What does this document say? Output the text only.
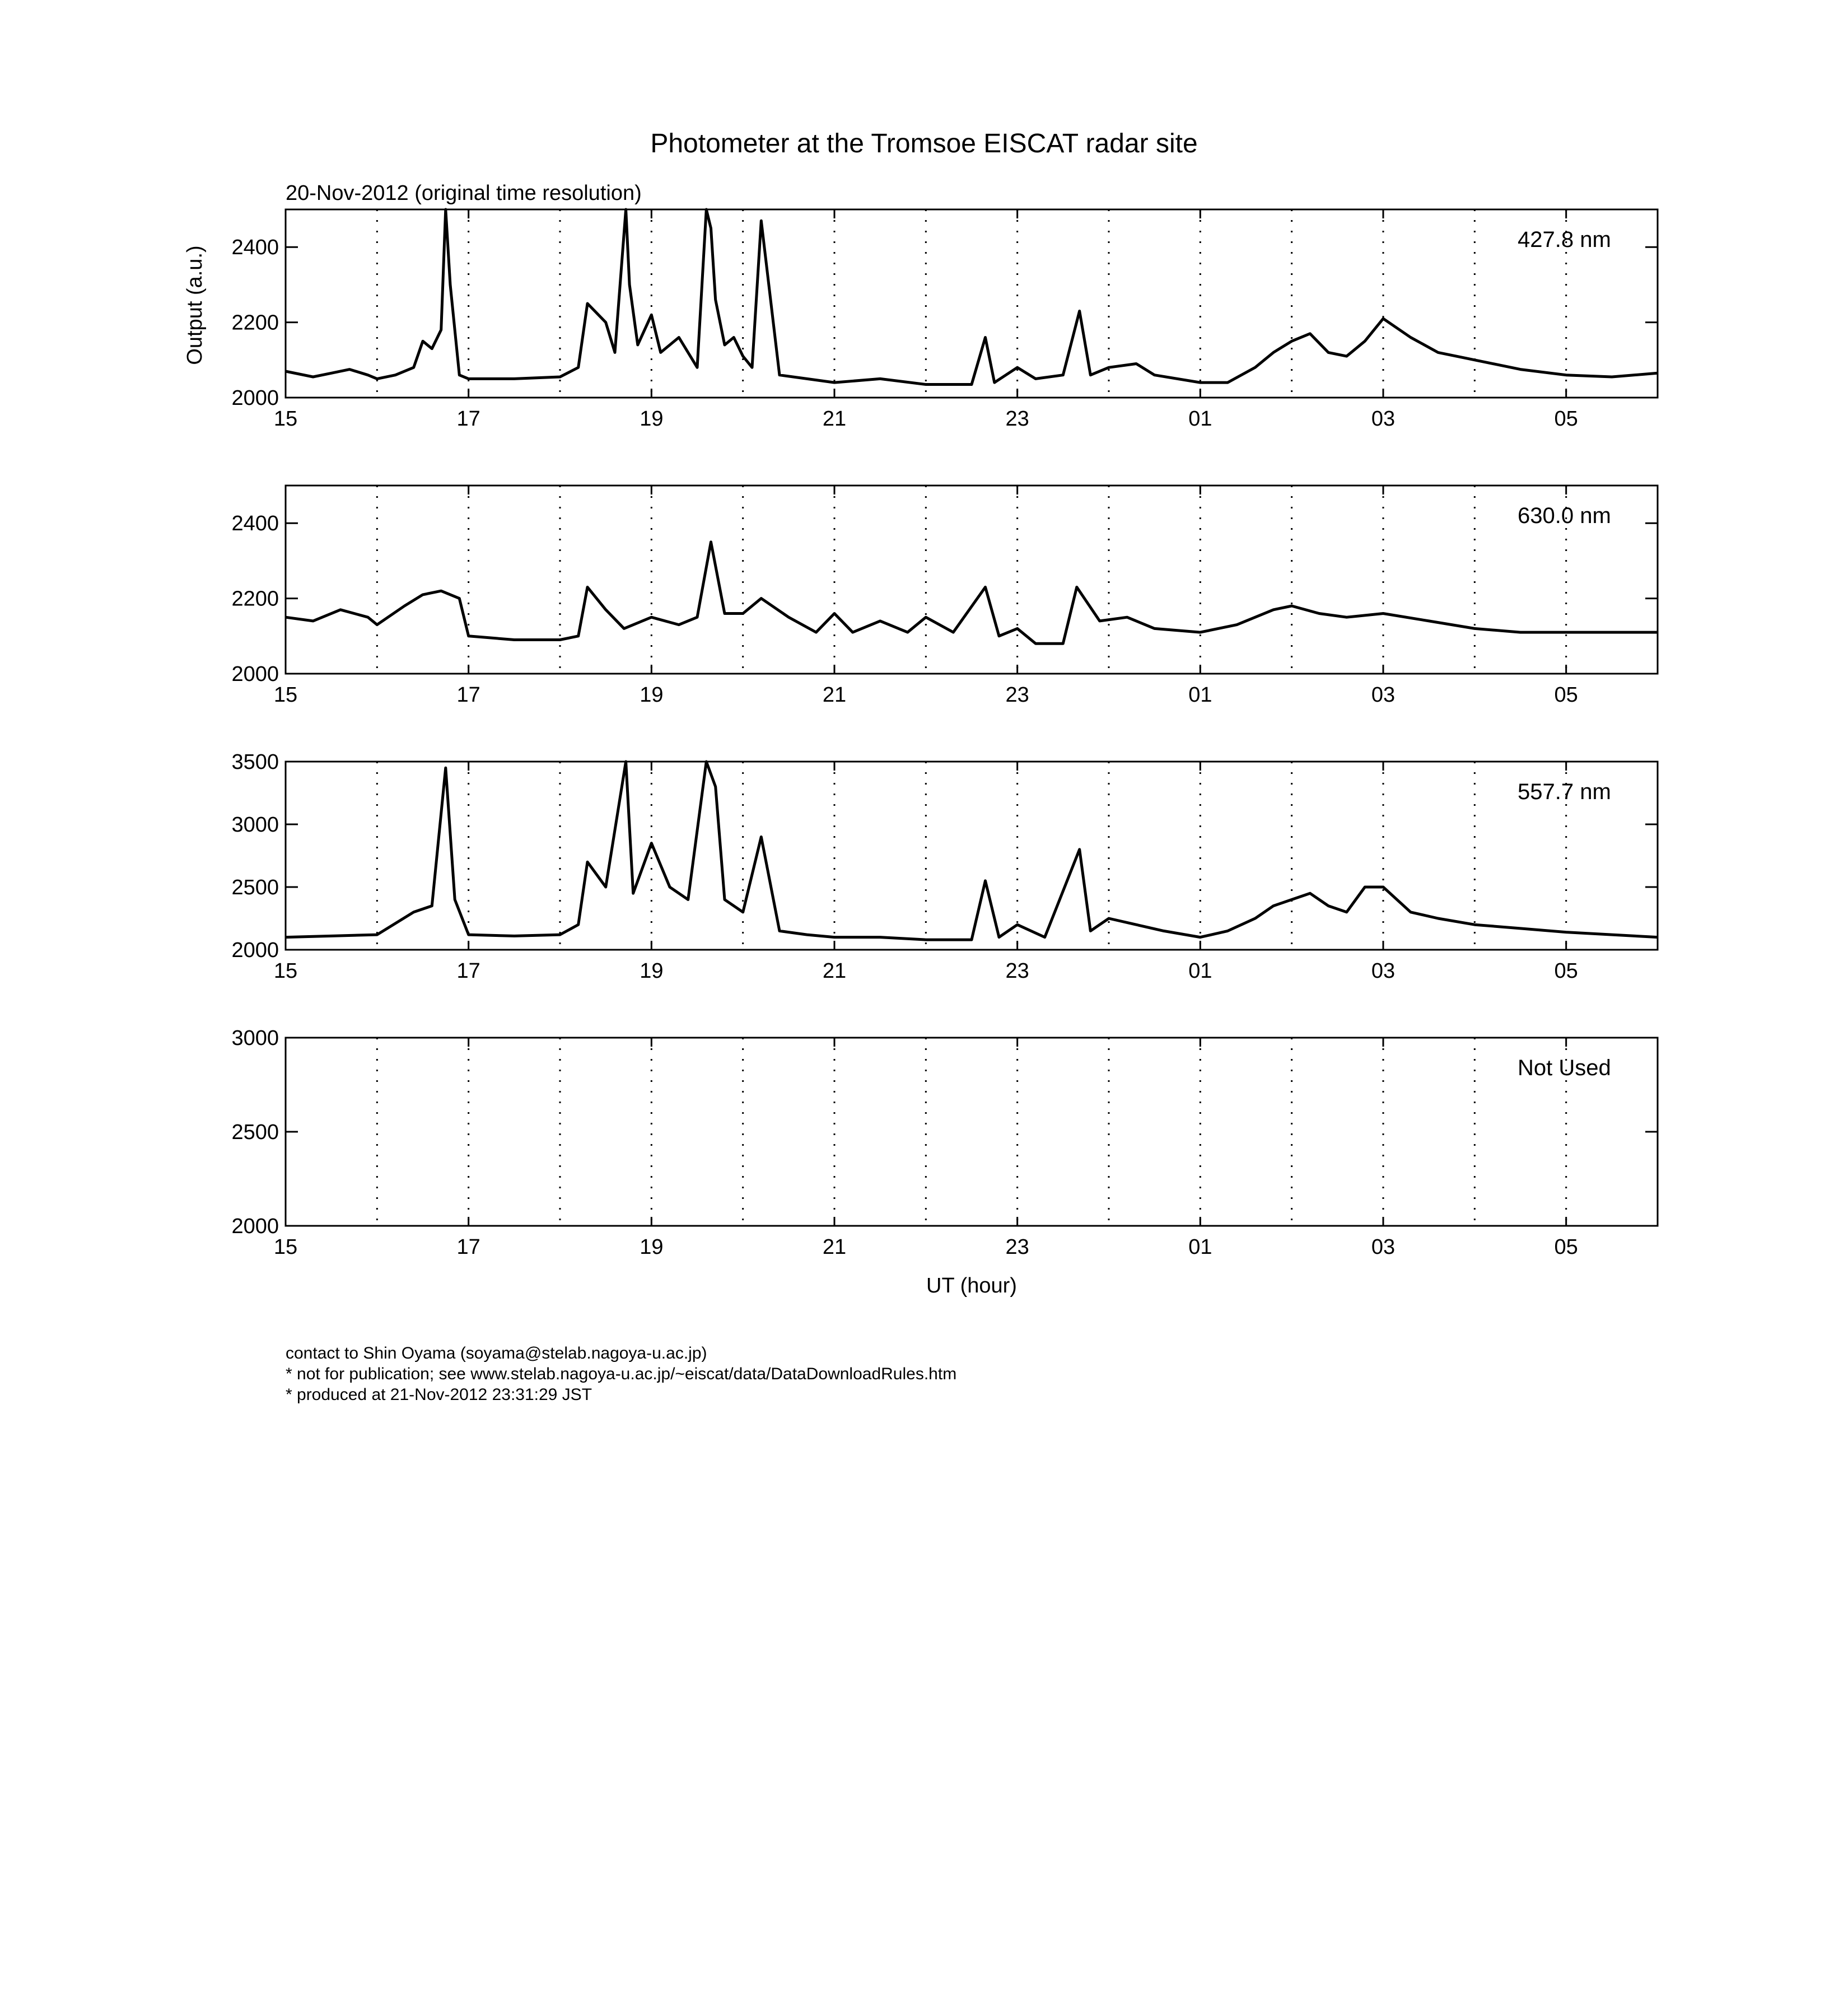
Photometer at the Tromsoe EISCAT radar site
20-Nov-2012 (original time resolution)
Output (a.u.)
UT (hour)
15	17	19	21	23	01	03	05
2000
2200
2400	427.8 nm
15	17	19	21	23	01	03	05
2000
2200
2400	630.0 nm
15	17	19	21	23	01	03	05
2000
2500
3000
3500
557.7 nm
15	17	19	21	23	01	03	05
2000
2500
3000
Not Used
contact to Shin Oyama (soyama@stelab.nagoya-u.ac.jp)
* not for publication; see www.stelab.nagoya-u.ac.jp/~eiscat/data/DataDownloadRules.htm
* produced at 21-Nov-2012 23:31:29 JST
